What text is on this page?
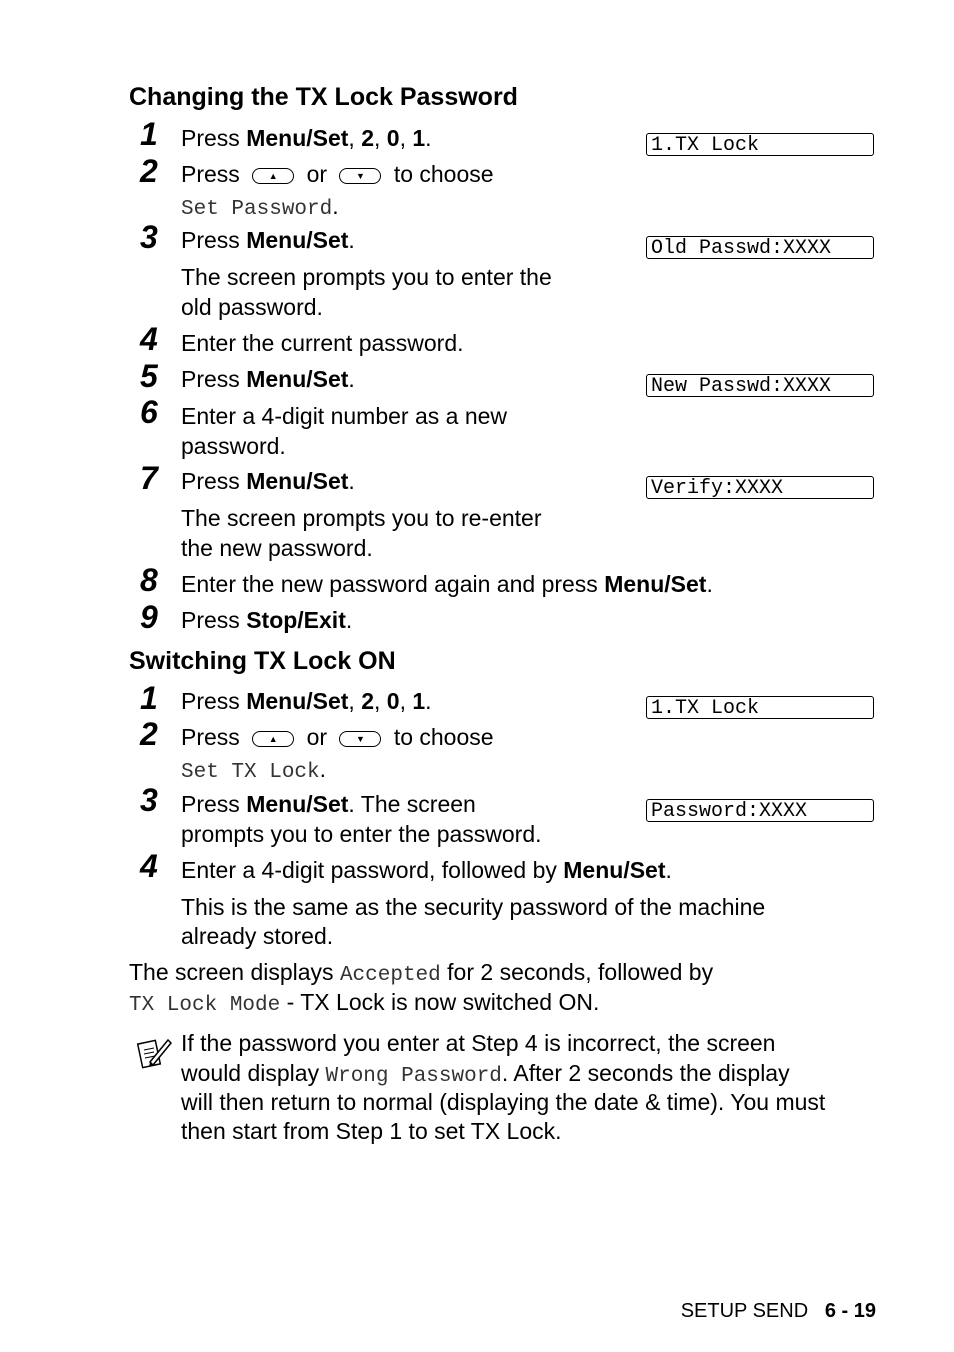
Changing the TX Lock Password
1 Press Menu/Set, 2, 0, 1.	1.TX Lock
2 Press	▲	or	▼	to choose
Set Password.
3 Press Menu/Set.	Old Passwd:XXXX
The screen prompts you to enter the
old password.
4 Enter the current password.
5 Press Menu/Set.	New Passwd:XXXX
6 Enter a 4-digit number as a new
password.
7 Press Menu/Set.	Verify:XXXX
The screen prompts you to re-enter
the new password.
8 Enter the new password again and press Menu/Set.
9 Press Stop/Exit.
Switching TX Lock ON
1 Press Menu/Set, 2, 0, 1.	1.TX Lock
2 Press	▲	or	▼	to choose
Set TX Lock.
3 Press Menu/Set. The screen	Password:XXXX
prompts you to enter the password.
4 Enter a 4-digit password, followed by Menu/Set.
This is the same as the security password of the machine
already stored.
The screen displays Accepted for 2 seconds, followed by
TX Lock Mode - TX Lock is now switched ON.
If the password you enter at Step 4 is incorrect, the screen
would display Wrong Password. After 2 seconds the display
will then return to normal (displaying the date & time). You must
then start from Step 1 to set TX Lock.
SETUP SEND 6 - 19
